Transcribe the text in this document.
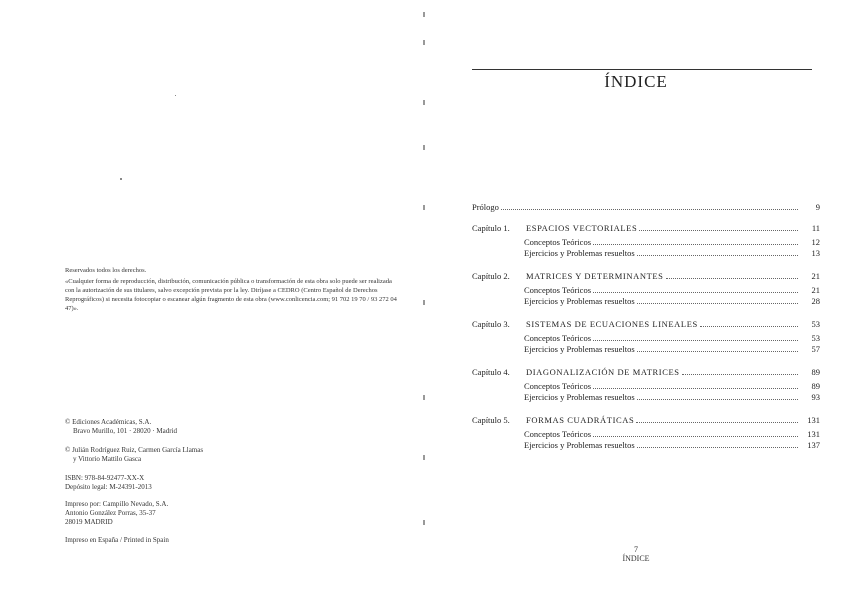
Reservados todos los derechos.

«Cualquier forma de reproducción, distribución, comunicación pública o transformación de esta obra solo puede ser realizada con la autorización de sus titulares, salvo excepción prevista por la ley. Diríjase a CEDRO (Centro Español de Derechos Reprográficos) si necesita fotocopiar o escanear algún fragmento de esta obra (www.conlicencia.com; 91 702 19 70 / 93 272 04 47)».

© Ediciones Académicas, S.A.

Bravo Murillo, 101 · 28020 · Madrid

© Julián Rodríguez Ruiz, Carmen García Llamas

y Vittorio Mattilo Gasca

ISBN: 978-84-92477-XX-X

Depósito legal: M-24391-2013

Impreso por: Campillo Nevado, S.A.

Antonio González Porras, 35-37

28019 MADRID

Impreso en España / Printed in Spain

ÍNDICE
Prólogo	9
Capítulo 1.	ESPACIOS VECTORIALES	11
Conceptos Teóricos	12
Ejercicios y Problemas resueltos	13
Capítulo 2.	MATRICES Y DETERMINANTES	21
Conceptos Teóricos	21
Ejercicios y Problemas resueltos	28
Capítulo 3.	SISTEMAS DE ECUACIONES LINEALES	53
Conceptos Teóricos	53
Ejercicios y Problemas resueltos	57
Capítulo 4.	DIAGONALIZACIÓN DE MATRICES	89
Conceptos Teóricos	89
Ejercicios y Problemas resueltos	93
Capítulo 5.	FORMAS CUADRÁTICAS	131
Conceptos Teóricos	131
Ejercicios y Problemas resueltos	137
7
ÍNDICE
